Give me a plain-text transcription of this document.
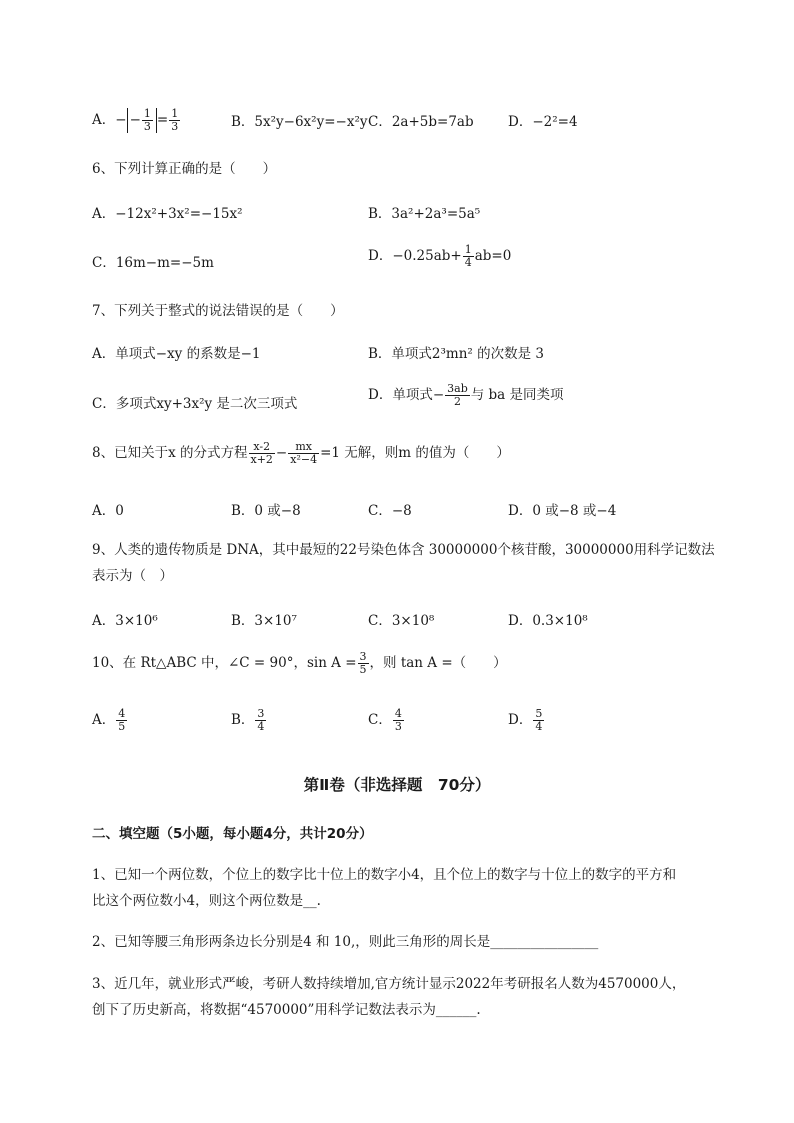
A．− − $\frac{1}{3} = \frac{1}{3}$	B．5x²y−6x²y=−x²y C．2a+5b=7ab	D．−2²=4
6、下列计算正确的是（　　）
A．−12x²+3x²=−15x²	B．3a²+2a³=5a⁵
C．16m−m=−5m	D．$-0.25ab+ \frac{1}{4} ab=0$
7、下列关于整式的说法错误的是（　　）
A．单项式−xy 的系数是−1	B．单项式2³mn² 的次数是 3
C．多项式xy+3x²y 是二次三项式
D．单项式− $\frac{3ab}{2}$ 与 ba 是同类项
8、已知关于x 的分式方程 $\frac{x-2}{x+2} - \frac{mx}{\text{x²−4}} =1$ 无解，则m 的值为（　　）
A．0	B．0 或−8	C．−8	D．0 或−8 或−4
9、人类的遗传物质是 DNA，其中最短的22号染色体含 30000000个核苷酸，30000000用科学记数法
表示为（　）
A．3×10⁶	B．3×10⁷	C．3×10⁸	D．0.3×10⁸
10、在 Rt△ABC 中，∠C = 90°，$\sin A = \frac{3}{5}$ ，则 tan A =（　　）
A． $\frac{4}{5}$	B． $\frac{3}{4}$	C． $\frac{4}{3}$	D． $\frac{5}{4}$
第Ⅱ卷（非选择题　70分）
二、填空题（5小题，每小题4分，共计20分）
1、已知一个两位数，个位上的数字比十位上的数字小4，且个位上的数字与十位上的数字的平方和
比这个两位数小4，则这个两位数是__.
2、已知等腰三角形两条边长分别是4 和 10,，则此三角形的周长是________________
3、近几年，就业形式严峻，考研人数持续增加,官方统计显示2022年考研报名人数为4570000人，
创下了历史新高，将数据“4570000”用科学记数法表示为______.
